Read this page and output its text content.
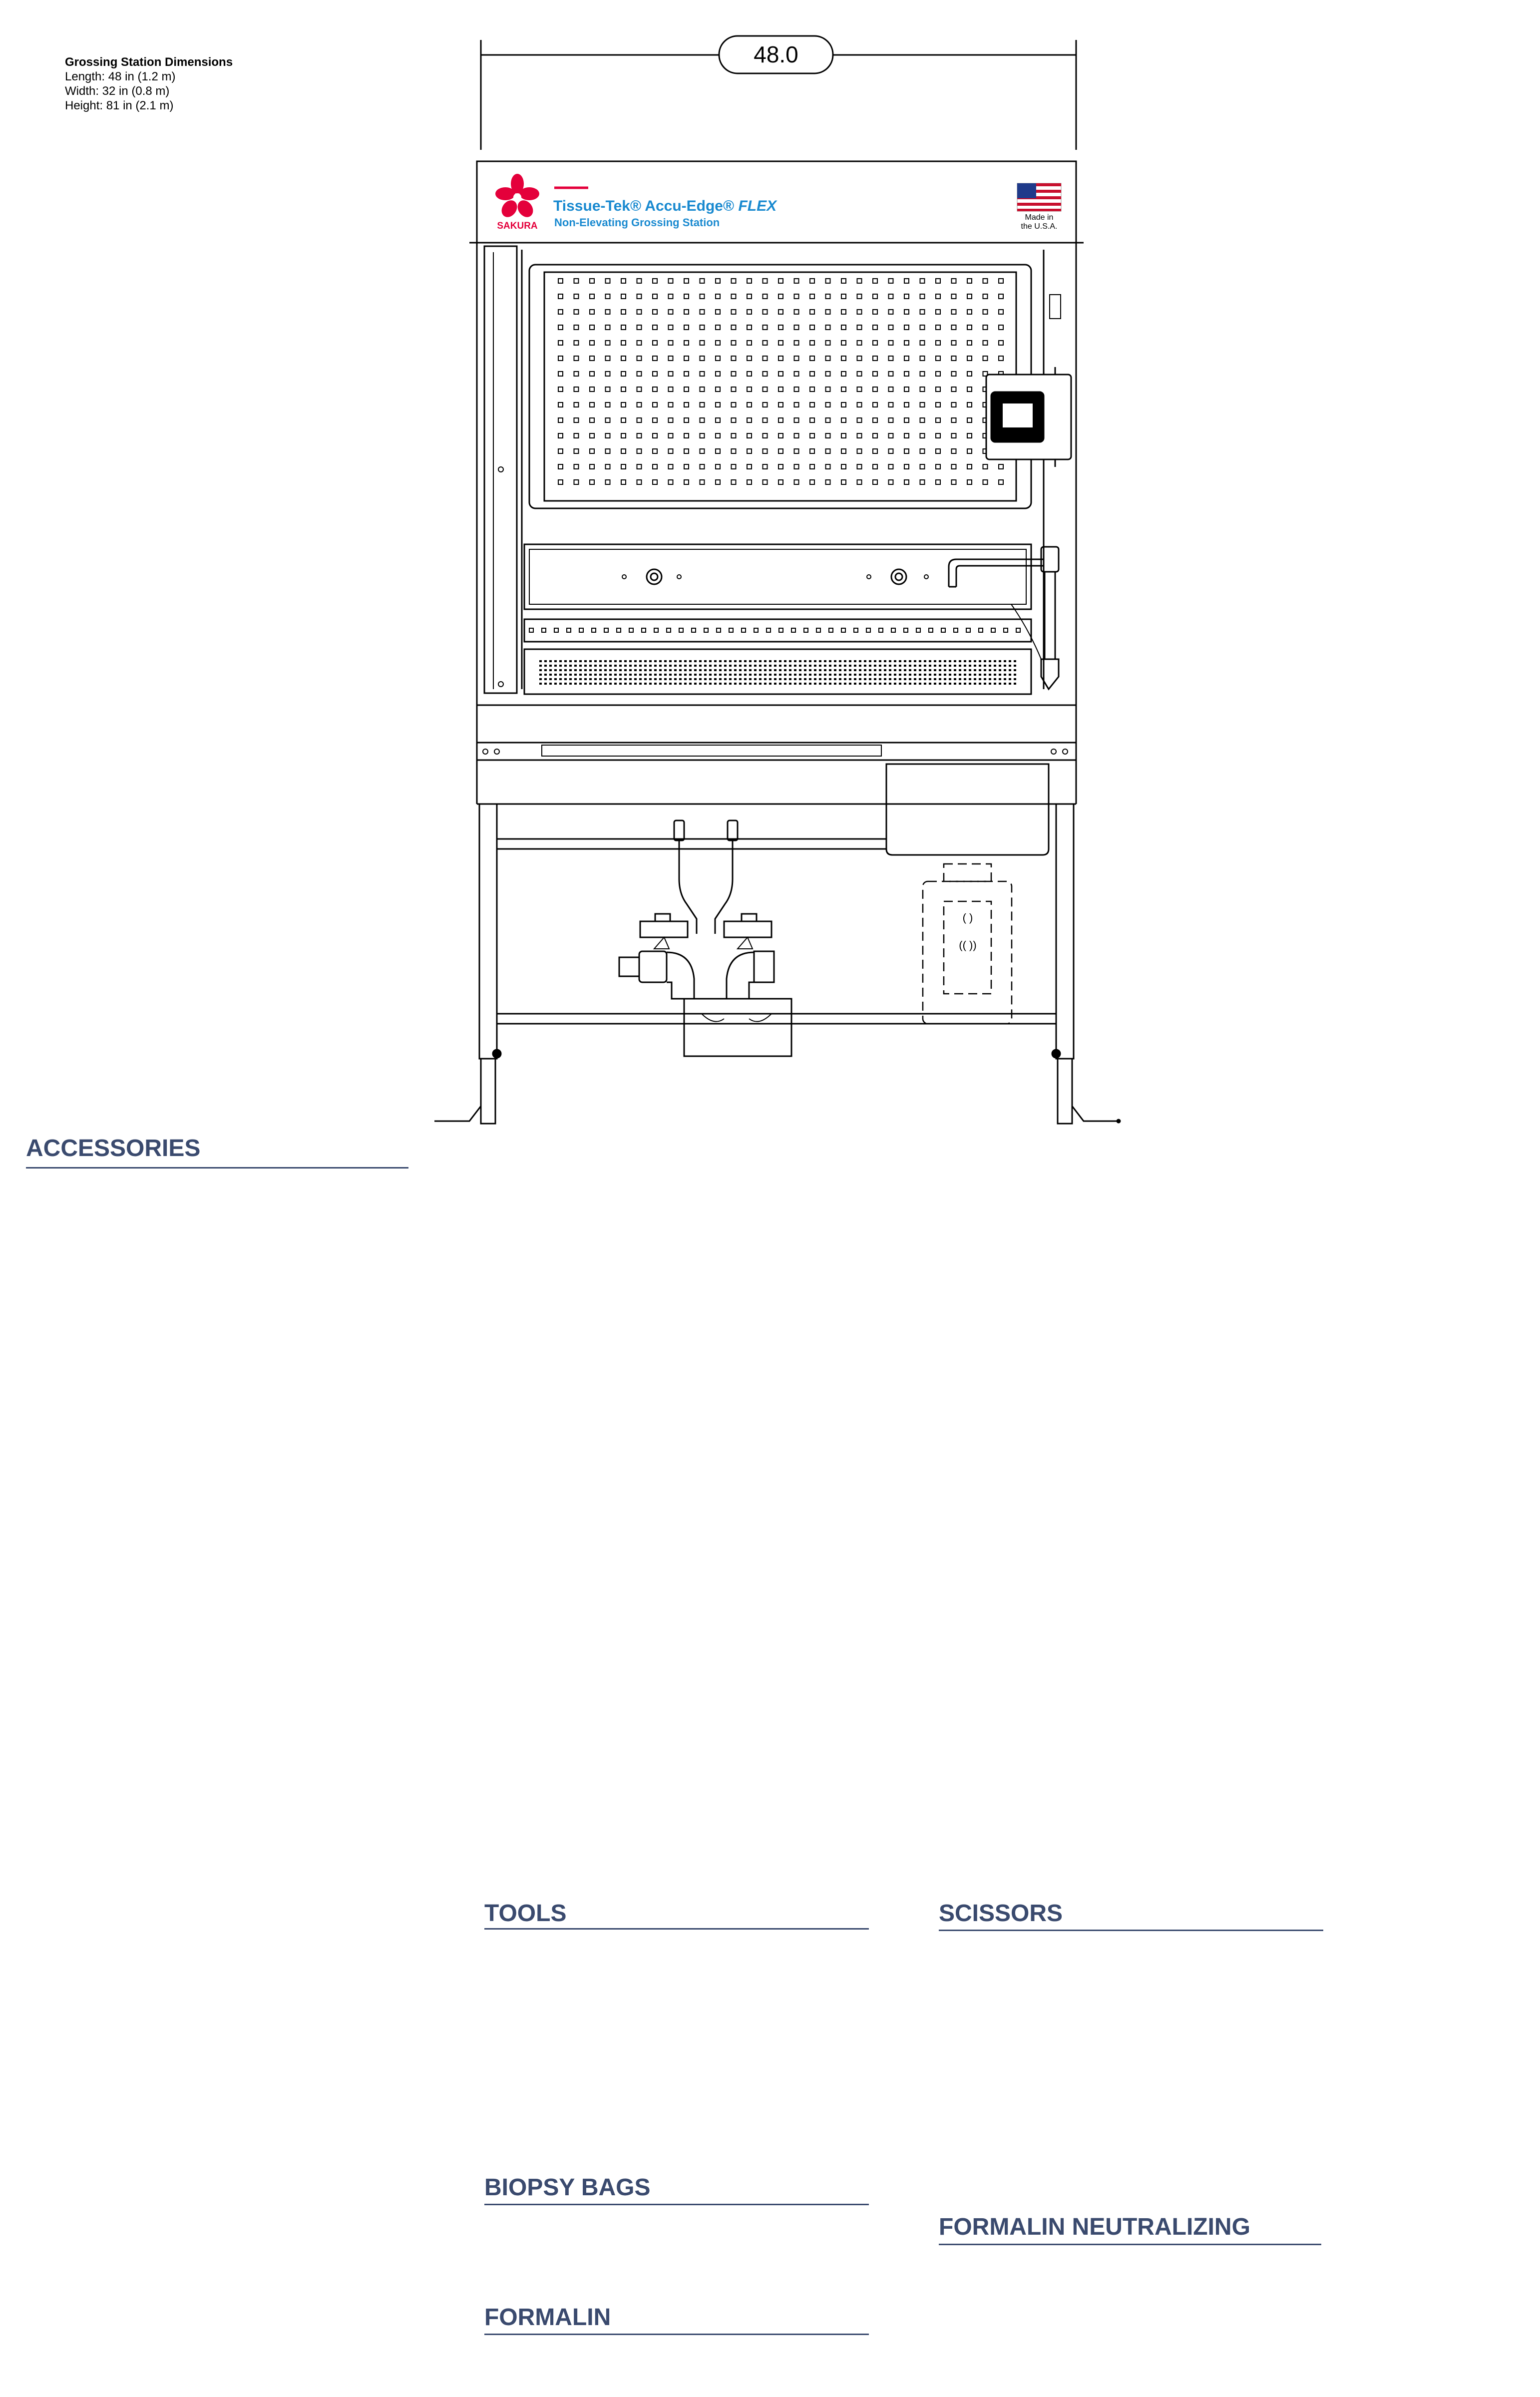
Grossing Station Dimensions
Length: 48 in (1.2 m)
Width: 32 in (0.8 m)
Height: 81 in (2.1 m)
48.0
SAKURA
Tissue-Tek® Accu-Edge® FLEX
Non-Elevating Grossing Station	Made in
the U.S.A.
( )
(( ))
ACCESSORIES
TOOLS	SCISSORS
BIOPSY BAGS
FORMALIN NEUTRALIZING
FORMALIN
